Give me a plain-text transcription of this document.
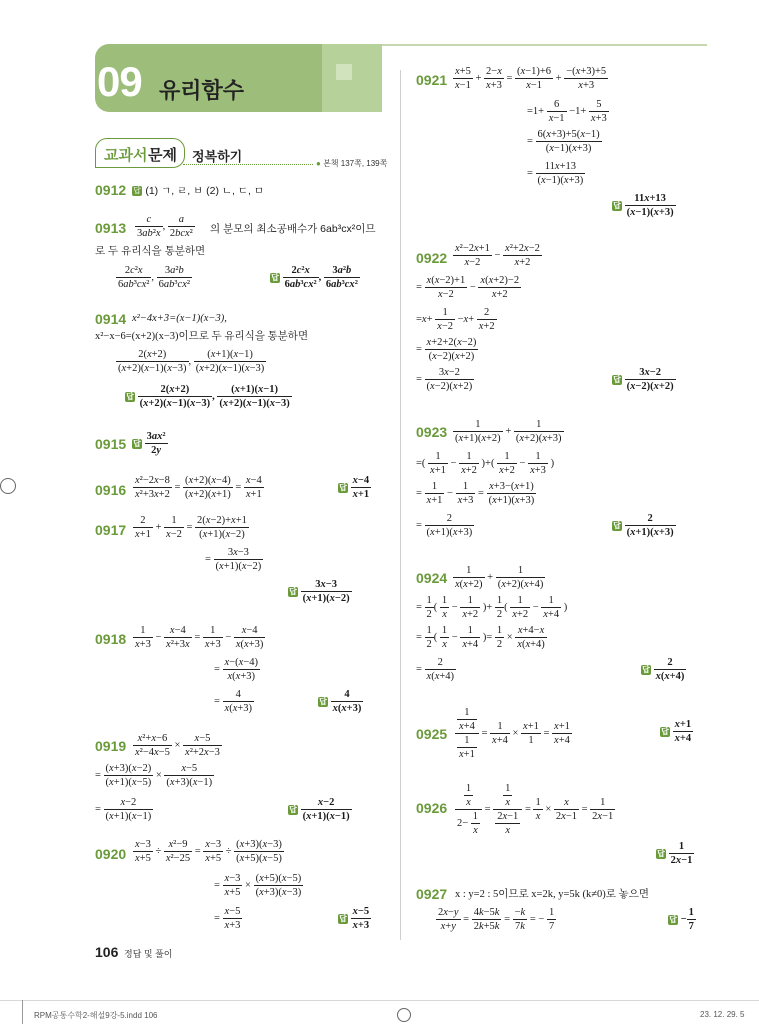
09 유리함수
교과서 문제 정복하기	● 본책 137쪽, 139쪽
0912 답 (1) ㄱ, ㄹ, ㅂ (2) ㄴ, ㄷ, ㅁ
$0913 \frac{c}{\text{3ab²x}}$ , $\frac{a}{\text{2bcx²}}$ 의 분모의 최소공배수가 6ab³cx²이므
로 두 유리식을 통분하면
$\frac{\text{2c²x}}{\text{6ab³cx²}}$ , $\frac{\text{3a²b}}{\text{6ab³cx²}}$	답 $\frac{\text{2c²x}}{\text{6ab³cx²}}$ , $\frac{\text{3a²b}}{\text{6ab³cx²}}$
0914 x²−4x+3=(x−1)(x−3),
x²−x−6=(x+2)(x−3)이므로 두 유리식을 통분하면
$\frac{2(x+2)}{(x+2)(x-1)(x-3)}$ , $\frac{(x+1)(x-1)}{(x+2)(x-1)(x-3)}$
답 $\frac{2(x+2)}{(x+2)(x-1)(x-3)}$ , $\frac{(x+1)(x-1)}{(x+2)(x-1)(x-3)}$
0915 답 $\frac{\text{3ax²}}{2y}$
$0916 \frac{\text{x²−2x−8}}{\text{x²+3x+2}} = \frac{(x+2)(x-4)}{(x+2)(x+1)} = \frac{x-4}{x+1}$	답 $\frac{x-4}{x+1}$
$0917 \frac{2}{x+1} + \frac{1}{x-2} = \frac{2(x-2)+x+1}{(x+1)(x-2)}$
= $\frac{3x-3}{(x+1)(x-2)}$
답 $\frac{3x-3}{(x+1)(x-2)}$
$0918 \frac{1}{x+3} - \frac{x-4}{\text{x²+3x}} = \frac{1}{x+3} - \frac{x-4}{x(x+3)}$
= $\frac{x-(x-4)}{x(x+3)}$
= $\frac{4}{x(x+3)}$	답 $\frac{4}{x(x+3)}$
$0919 \frac{\text{x²+x−6}}{\text{x²−4x−5}} \times \frac{x-5}{\text{x²+2x−3}}$
= $\frac{(x+3)(x-2)}{(x+1)(x-5)} \times \frac{x-5}{(x+3)(x-1)}$
= $\frac{x-2}{(x+1)(x-1)}$	답 $\frac{x-2}{(x+1)(x-1)}$
$0920 \frac{x-3}{x+5} \div \frac{\text{x²−9}}{\text{x²−25}} = \frac{x-3}{x+5} \div \frac{(x+3)(x-3)}{(x+5)(x-5)}$
= $\frac{x-3}{x+5} \times \frac{(x+5)(x-5)}{(x+3)(x-3)}$
= $\frac{x-5}{x+3}$	답 $\frac{x-5}{x+3}$
$0921 \frac{x+5}{x-1} + \frac{2-x}{x+3} = \frac{(x-1)+6}{x-1} + \frac{-(x+3)+5}{x+3}$
$=1+ \frac{6}{x-1} -1+ \frac{5}{x+3}$
= $\frac{6(x+3)+5(x-1)}{(x-1)(x+3)}$
= $\frac{11x+13}{(x-1)(x+3)}$
답 $\frac{11x+13}{(x-1)(x+3)}$
$0922 \frac{\text{x²−2x+1}}{x-2} - \frac{\text{x²+2x−2}}{x+2}$
= $\frac{x(x-2)+1}{x-2} - \frac{x(x+2)-2}{x+2}$
$=x+ \frac{1}{x-2} -x+ \frac{2}{x+2}$
= $\frac{x+2+2(x-2)}{(x-2)(x+2)}$
= $\frac{3x-2}{(x-2)(x+2)}$	답 $\frac{3x-2}{(x-2)(x+2)}$
$0923 \frac{1}{(x+1)(x+2)} + \frac{1}{(x+2)(x+3)}$
=( $\frac{1}{x+1} - \frac{1}{x+2}$ )+( $\frac{1}{x+2} - \frac{1}{x+3}$ )
= $\frac{1}{x+1} - \frac{1}{x+3} = \frac{x+3-(x+1)}{(x+1)(x+3)}$
= $\frac{2}{(x+1)(x+3)}$	답 $\frac{2}{(x+1)(x+3)}$
$0924 \frac{1}{x(x+2)} + \frac{1}{(x+2)(x+4)}$
= $\frac{1}{2}$ ( $\frac{1}{x} - \frac{1}{x+2}$ )+ $\frac{1}{2}$ ( $\frac{1}{x+2} - \frac{1}{x+4}$ )
= $\frac{1}{2}$ ( $\frac{1}{x} - \frac{1}{x+4}$ )= $\frac{1}{2} \times \frac{x+4-x}{x(x+4)}$
= $\frac{2}{x(x+4)}$	답 $\frac{2}{x(x+4)}$
$0925 \frac{\frac{1}{x+4}}{\frac{1}{x+1}} = \frac{1}{x+4} \times \frac{x+1}{1} = \frac{x+1}{x+4}$	답 $\frac{x+1}{x+4}$
$0926 \frac{\frac{1}{x}}{2- \frac{1}{x}} = \frac{\frac{1}{x}}{\frac{2x-1}{x}} = \frac{1}{x} \times \frac{x}{2x-1} = \frac{1}{2x-1}$
답 $\frac{1}{2x-1}$
0927 x : y=2 : 5이므로 x=2k, y=5k (k≠0)로 놓으면
$\frac{2x-y}{x+y} = \frac{4k-5k}{2k+5k} = \frac{-k}{7k}$ = − $\frac{1}{7}$	답 − $\frac{1}{7}$
106 정답 및 풀이
RPM공통수학2-해설9강-5.indd 106	23. 12. 29. 5
